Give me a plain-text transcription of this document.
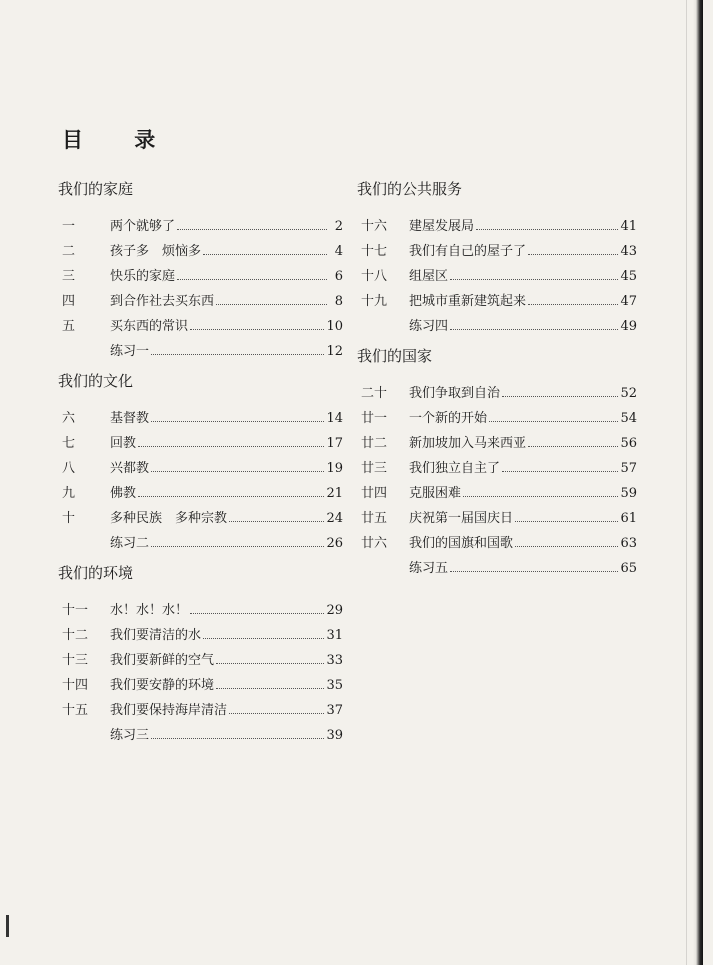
目 录
我们的家庭
一	两个就够了	2
二	孩子多　烦恼多	4
三	快乐的家庭	6
四	到合作社去买东西	8
五	买东西的常识	10
练习一	12
我们的文化
六	基督教	14
七	回教	17
八	兴都教	19
九	佛教	21
十	多种民族　多种宗教	24
练习二	26
我们的环境
十一	水！水！水！	29
十二	我们要清洁的水	31
十三	我们要新鲜的空气	33
十四	我们要安静的环境	35
十五	我们要保持海岸清洁	37
练习三	39
我们的公共服务
十六	建屋发展局	41
十七	我们有自己的屋子了	43
十八	组屋区	45
十九	把城市重新建筑起来	47
练习四	49
我们的国家
二十	我们争取到自治	52
廿一	一个新的开始	54
廿二	新加坡加入马来西亚	56
廿三	我们独立自主了	57
廿四	克服困难	59
廿五	庆祝第一届国庆日	61
廿六	我们的国旗和国歌	63
练习五	65
